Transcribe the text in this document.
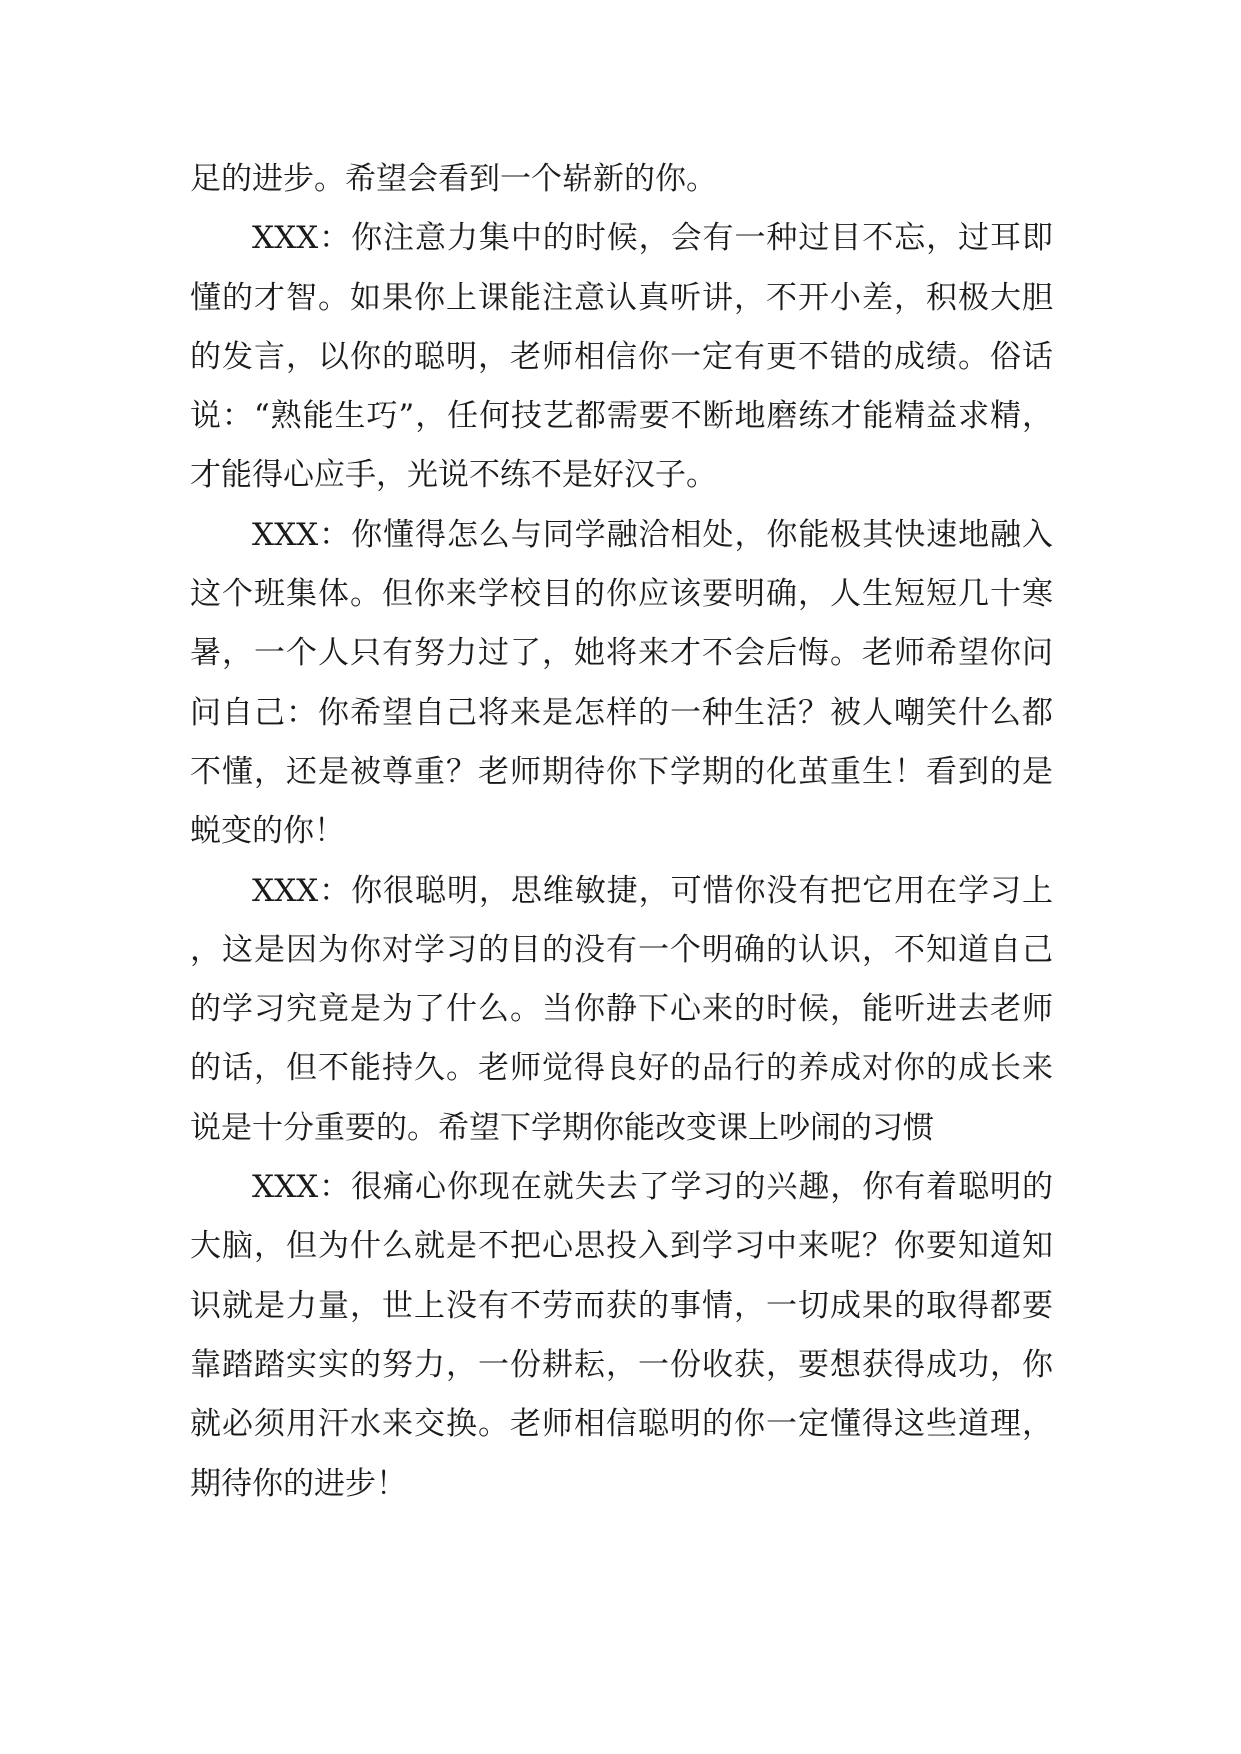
足的进步。希望会看到一个崭新的你。

XXX：你注意力集中的时候，会有一种过目不忘，过耳即懂的才智。如果你上课能注意认真听讲，不开小差，积极大胆的发言，以你的聪明，老师相信你一定有更不错的成绩。俗话说：“熟能生巧”，任何技艺都需要不断地磨练才能精益求精，才能得心应手，光说不练不是好汉子。

XXX：你懂得怎么与同学融洽相处，你能极其快速地融入这个班集体。但你来学校目的你应该要明确，人生短短几十寒暑，一个人只有努力过了，她将来才不会后悔。老师希望你问问自己：你希望自己将来是怎样的一种生活？被人嘲笑什么都不懂，还是被尊重？老师期待你下学期的化茧重生！看到的是蜕变的你！

XXX：你很聪明，思维敏捷，可惜你没有把它用在学习上，这是因为你对学习的目的没有一个明确的认识，不知道自己的学习究竟是为了什么。当你静下心来的时候，能听进去老师的话，但不能持久。老师觉得良好的品行的养成对你的成长来说是十分重要的。希望下学期你能改变课上吵闹的习惯

XXX：很痛心你现在就失去了学习的兴趣，你有着聪明的大脑，但为什么就是不把心思投入到学习中来呢？你要知道知识就是力量，世上没有不劳而获的事情，一切成果的取得都要靠踏踏实实的努力，一份耕耘，一份收获，要想获得成功，你就必须用汗水来交换。老师相信聪明的你一定懂得这些道理，期待你的进步！
